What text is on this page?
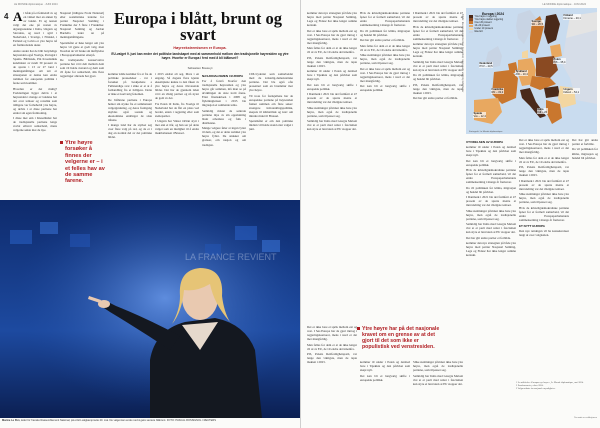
4
LE MONDE diplomatique · JUNI 2024
Europa i blått, brunt og svart
Høyreekstremismen er Europa.
EU-valget 9. juni kan endre det politiske landskapet med at sammenhold mellom den tradisjonelle høyresiden og ytre høyre. Hvorfor er Europa i ferd med å bli blåbrunt?
Sébastien Bossuyt
A t både på et femtetall av og en vinkel mot en annen by av landet. Et og nesten valgt det ene på vesten av utgangsstedene i Italia, Ungarn og Slovakia, og nord i sgirl i Nederland, i Sverige, i Finland, i Estland og Latvia er ytre høyre nå en fremtredende aktør.

Andre steder har de blitt betydelige høyresiden også Sverige, Portugal i Spania. Bibliotek, Pin Kroatianisk kandidater av rundt 30 prosent av de spurte i 13 av 27 land i meningsmålinger. Alt tatt er situasjonen at denne kan endre rammen for europeisk politikk i årene som kommer.

Hvordan er det mulig? Forklaringen ligger delvis i at høyresiden i mange av landene har tatt over temaer og retorikk som tidligere var forbeholdt ytre høyre, og delvis i at disse partiene har endret sin egen fremtoning.

I disse mer enn i Kieseländer har de tradisjonelle partiene lenge avvist ethvert samarbeid, mens velgerne søkte mot de nye.

Nasjonal (tidligere Front National) eller sosialistiske lederne for partier Nasjonal Samling i Frankrike der 5 flere i Frankrike: Nasjonal Samling og Jordan Bardella leder an på meningsmålingene.

Spørsmålet er ikke lenger om ytre høyre vil gjøre et godt valg, men hvordan de vil bruke sin innflytelse i Europaparlamentet etterpå.

De tradisjonelle konservative partiene har vært delt mellom dem som vil holde avstand og dem som vil åpne for samarbeid, slik flere regjeringer allerede har gjort.

Ytre høyre forsøker å finnes der velgerne er – i et felles hav av de samme farene.

kommer kilde kommer fra at fra de politiske pressedeker - var i forsøket på beskjedene a Fullstendige svar i slike er et at å forhandling fra et tidligere. Dette er ikke et kortvarig fenomen.

De blåbrune partiene i Europa henter sin styrke fra et sammensatt velgergrunnlag, og deres fremgang skyldes også sosiale og økonomiske endringer de siste tiårene.

I mange land har de styrket seg over flere valg på rad, og de er i dag en normal del av det politiske bildet.

i 2015 endret alt seg. Mars i en engang. Så dagens flere kjente eksemplene kunne ta den tåken av ytre høyre og deres tilsvarende bilder. Der har de gjennom tiden vært en viktig partner og nå nyter de godt av det.

Fra Polen til Italia, fra Sverige til Nederland har de fått en plass ved bordet, enten i regjering eller som støttepartier.

I Ungarn har Viktor Orbán styrt i mer enn et tiår, og han ser på dette valget som en mulighet til å endre maktbalansen i Brussel.

NASJONALISMEN I EUROPA

For å forstå hvorfor den tradisjonelle høyresiden og ytre høyre går sammen, må man se på utviklingen de siste tretti årene. Etter finanskrisen i 2008 og flyktningkrisen i 2015 ble migrasjon et samlende tema.

Samtidig mistet de sentrale partiene mye av sin oppslutning blant arbeidere og folk i distriktene.

Mange velgere føler at ingen lytter til dem, og det er dette rommet ytre høyre fyller. De snakker om grenser, om nasjon og om tradisjon.

CDU-lyderiet som samarbeidet med de kristelig-demokratiske partiene. Det ble også ofte presentert som en brannmur mot ytre høyre.

Til tross for forskjellene har de europeiske partiene på høyresiden funnet sammen om flere saker: strengere innvandringspolitikk, skepsis til klimatiltak og krav om mindre makt til Brussel.

Spørsmålet er om den politiske midten vil holde stand etter valget i juni.

LA FRANCE REVIENT
Marine Le Pen, leder for franske Rassemblement National, på et EU-valgkampmøte 20. mai. De valget kan ende med å gøre sentere blåbrunt. FOTO: PASCAL ROSSIGNOL / REUTERS
LE MONDE diplomatique · JUNI 2024
Kilde: Europaparlamentet, Eurostat, nasjonale valgmyndigheter

kommer den nye strategien på både ytre høyre med partier Nasjonal Samling, Lega og Fidesz har ikke lenger samme kontakt.

Det er ikke bare et sprik mellom øst og vest. I Sør-Europa har de gjort inntog i regjeringskontorer, mens i nord er det mer mangfoldig.

Men felles for dem er at de ikke lenger vil ut av EU, de vil endre det innenfra.

PiS, Polens Rettferdighetsparti, var lenge den viktigste, men de tapte makten i 2023.

kommer til under i Polen og dermed bare i Tsjekkia og den påvirket som skapt nytt.

Det kan bli et langvarig skifte i europeisk politikk.

I Danmark i 2021 ble det fremført at 47 prosent av de spurte mente at innvandring var det viktigste temaet.

Slike stemninger påvirker ikke bare ytre høyre, men også de tradisjonelle partiene, som tilpasser seg.

Samtidig har Italia med Giorgia Meloni vist at et parti med røtter i fascismen kan styre et land uten at EU stopper det.

Hvis de kristeligdemokratiske partiene åpner for et formelt samarbeid, vil det endre Europaparlamentets sammensetning i mange år fremover.

Da vil politikken for klima, migrasjon og handel bli påvirket.

Det har gitt andre partier et forbilde.

Men felles for dem er at de ikke lenger vil ut av EU, de vil endre det innenfra.

Slike stemninger påvirker ikke bare ytre høyre, men også de tradisjonelle partiene, som tilpasser seg.

Det er ikke bare et sprik mellom øst og vest. I Sør-Europa har de gjort inntog i regjeringskontorer, mens i nord er det mer mangfoldig.

Det kan bli et langvarig skifte i europeisk politikk.

I Danmark i 2021 ble det fremført at 47 prosent av de spurte mente at innvandring var det viktigste temaet.

Hvis de kristeligdemokratiske partiene åpner for et formelt samarbeid, vil det endre Europaparlamentets sammensetning i mange år fremover.

kommer den nye strategien på både ytre høyre med partier Nasjonal Samling, Lega og Fidesz har ikke lenger samme kontakt.

Samtidig har Italia med Giorgia Meloni vist at et parti med røtter i fascismen kan styre et land uten at EU stopper det.

Da vil politikken for klima, migrasjon og handel bli påvirket.

PiS, Polens Rettferdighetsparti, var lenge den viktigste, men de tapte makten i 2023.

Det har gitt andre partier et forbilde.

Ytre høyre har på det nasjonale kravet om en grense av at det gjort til det som ikke er populistisk ved venstresiden.

Det er ikke bare et sprik mellom øst og vest. I Sør-Europa har de gjort inntog i regjeringskontorer, mens i nord er det mer mangfoldig.

Men felles for dem er at de ikke lenger vil ut av EU, de vil endre det innenfra.

PiS, Polens Rettferdighetsparti, var lenge den viktigste, men de tapte makten i 2023.	kommer til under i Polen og dermed bare i Tsjekkia og den påvirket som skapt nytt.

Det kan bli et langvarig skifte i europeisk politikk.

Slike stemninger påvirker ikke bare ytre høyre, men også de tradisjonelle partiene, som tilpasser seg.

Samtidig har Italia med Giorgia Meloni vist at et parti med røtter i fascismen kan styre et land uten at EU stopper det.

UTVIDELSEN AV EUROPA

kommer til under i Polen og dermed bare i Tsjekkia og den påvirket som skapt nytt.

Det kan bli et langvarig skifte i europeisk politikk.

Hvis de kristeligdemokratiske partiene åpner for et formelt samarbeid, vil det endre Europaparlamentets sammensetning i mange år fremover.

Da vil politikken for klima, migrasjon og handel bli påvirket.

I Danmark i 2021 ble det fremført at 47 prosent av de spurte mente at innvandring var det viktigste temaet.

Slike stemninger påvirker ikke bare ytre høyre, men også de tradisjonelle partiene, som tilpasser seg.

Samtidig har Italia med Giorgia Meloni vist at et parti med røtter i fascismen kan styre et land uten at EU stopper det.

Det har gitt andre partier et forbilde.

kommer den nye strategien på både ytre høyre med partier Nasjonal Samling, Lega og Fidesz har ikke lenger samme kontakt.

Det er ikke bare et sprik mellom øst og vest. I Sør-Europa har de gjort inntog i regjeringskontorer, mens i nord er det mer mangfoldig.

Men felles for dem er at de ikke lenger vil ut av EU, de vil endre det innenfra.

PiS, Polens Rettferdighetsparti, var lenge den viktigste, men de tapte makten i 2023.

I Danmark i 2021 ble det fremført at 47 prosent av de spurte mente at innvandring var det viktigste temaet.

Slike stemninger påvirker ikke bare ytre høyre, men også de tradisjonelle partiene, som tilpasser seg.

Hvis de kristeligdemokratiske partiene åpner for et formelt samarbeid, vil det endre Europaparlamentets sammensetning i mange år fremover.

ET NYTT EUROPA

Den nye retningen vil ha konsekvenser langt ut over valgnatten.

Det har gitt andre partier et forbilde.

Da vil politikken for klima, migrasjon og handel bli påvirket.

1 Se artikkelen «Europas nye høyre», Le Monde diplomatique, mai 2024.
2 Eurobarometer, våren 2024.
3 Valgresultater fra nasjonale myndigheter.
Oversatt av redaksjonen
Europa i 2024
Ytre høyre i regjering
Ytre høyre støtter regjering
Over 20 prosent
10–20 prosent
Under 10 prosent
Ikke EU
Finland
Finnene – 20,1
Sverige
SD – 20,5
Nederland
PVV – 23,5
Tyskland
AfD – 10,4
Polen
PiS – 35,4
Frankrike
RN – 33,2
Italia
FdI – 26
Ungarn
Fidesz – 54,1
Spania
Vox – 12,4
Kartografi: Le Monde diplomatique
